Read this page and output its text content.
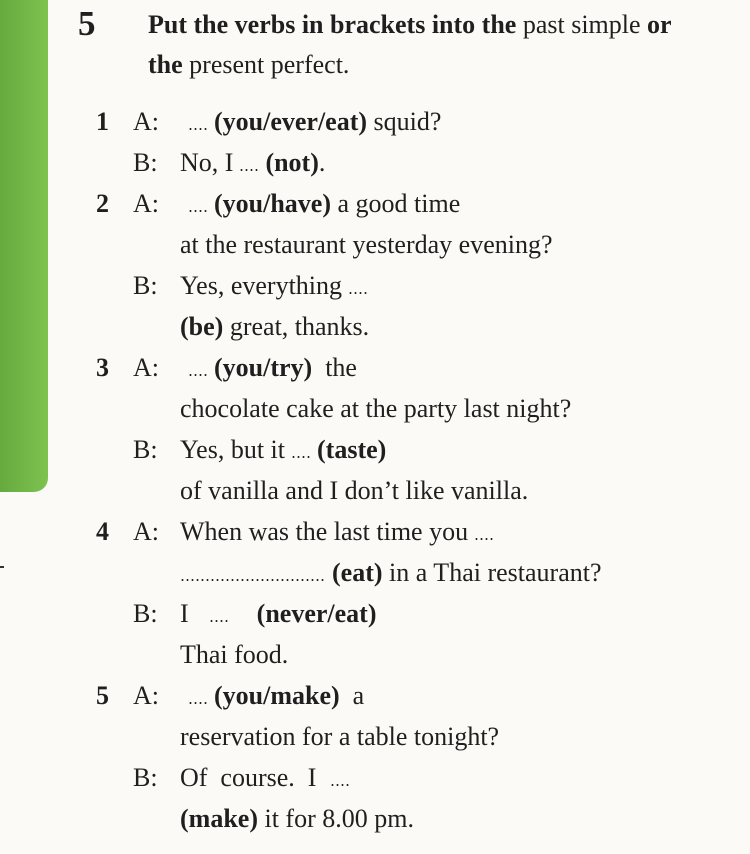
5 Put the verbs in brackets into the past simple or the present perfect.
1 A: (you/ever/eat) squid?
B: No, I (not) .
2 A: (you/have) a good time
at the restaurant yesterday evening?
B: Yes, everything
(be) great, thanks.
3 A: (you/try) the
chocolate cake at the party last night?
B: Yes, but it (taste)
of vanilla and I don’t like vanilla.
4 A: When was the last time you
(eat) in a Thai restaurant?
B: I	(never/eat)
Thai food.
5 A: (you/make) a
reservation for a table tonight?
B: Of  course.  I
(make) it for 8.00 pm.
